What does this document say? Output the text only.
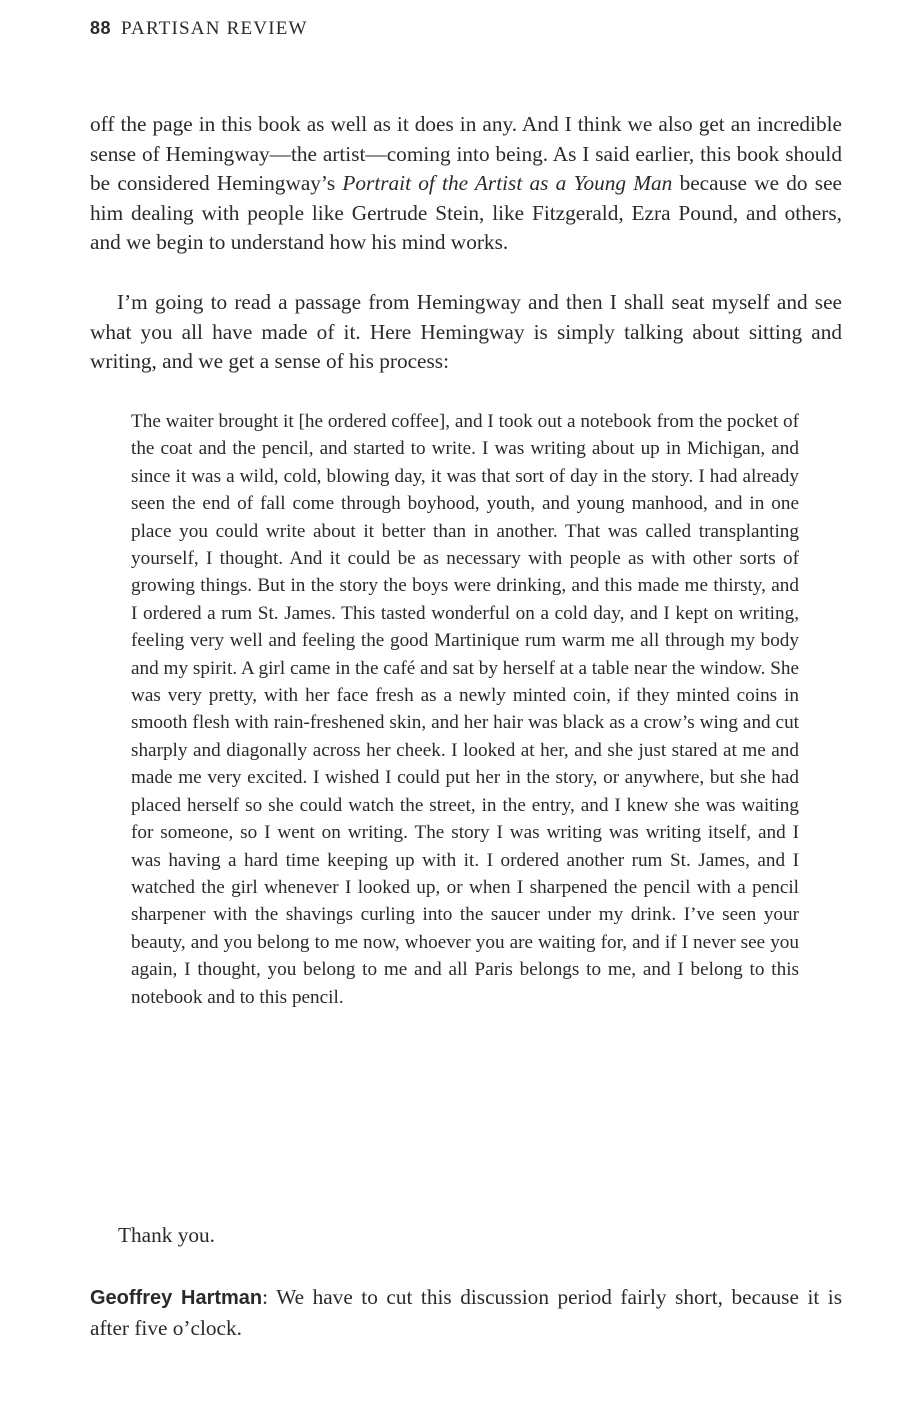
88 PARTISAN REVIEW

off the page in this book as well as it does in any. And I think we also get an incredible sense of Hemingway—the artist—coming into being. As I said earlier, this book should be considered Hemingway’s Portrait of the Artist as a Young Man because we do see him dealing with people like Gertrude Stein, like Fitzgerald, Ezra Pound, and others, and we begin to understand how his mind works.

I’m going to read a passage from Hemingway and then I shall seat myself and see what you all have made of it. Here Hemingway is simply talking about sitting and writing, and we get a sense of his process:

The waiter brought it [he ordered coffee], and I took out a notebook from the pocket of the coat and the pencil, and started to write. I was writing about up in Michigan, and since it was a wild, cold, blowing day, it was that sort of day in the story. I had already seen the end of fall come through boyhood, youth, and young manhood, and in one place you could write about it better than in another. That was called transplanting yourself, I thought. And it could be as necessary with people as with other sorts of growing things. But in the story the boys were drinking, and this made me thirsty, and I ordered a rum St. James. This tasted wonderful on a cold day, and I kept on writing, feeling very well and feeling the good Martinique rum warm me all through my body and my spirit. A girl came in the café and sat by herself at a table near the window. She was very pretty, with her face fresh as a newly minted coin, if they minted coins in smooth flesh with rain-freshened skin, and her hair was black as a crow’s wing and cut sharply and diagonally across her cheek. I looked at her, and she just stared at me and made me very excited. I wished I could put her in the story, or anywhere, but she had placed herself so she could watch the street, in the entry, and I knew she was waiting for someone, so I went on writing. The story I was writing was writing itself, and I was having a hard time keeping up with it. I ordered another rum St. James, and I watched the girl whenever I looked up, or when I sharpened the pencil with a pencil sharpener with the shavings curling into the saucer under my drink. I’ve seen your beauty, and you belong to me now, whoever you are waiting for, and if I never see you again, I thought, you belong to me and all Paris belongs to me, and I belong to this notebook and to this pencil.

Thank you.

Geoffrey Hartman: We have to cut this discussion period fairly short, because it is after five o’clock.
